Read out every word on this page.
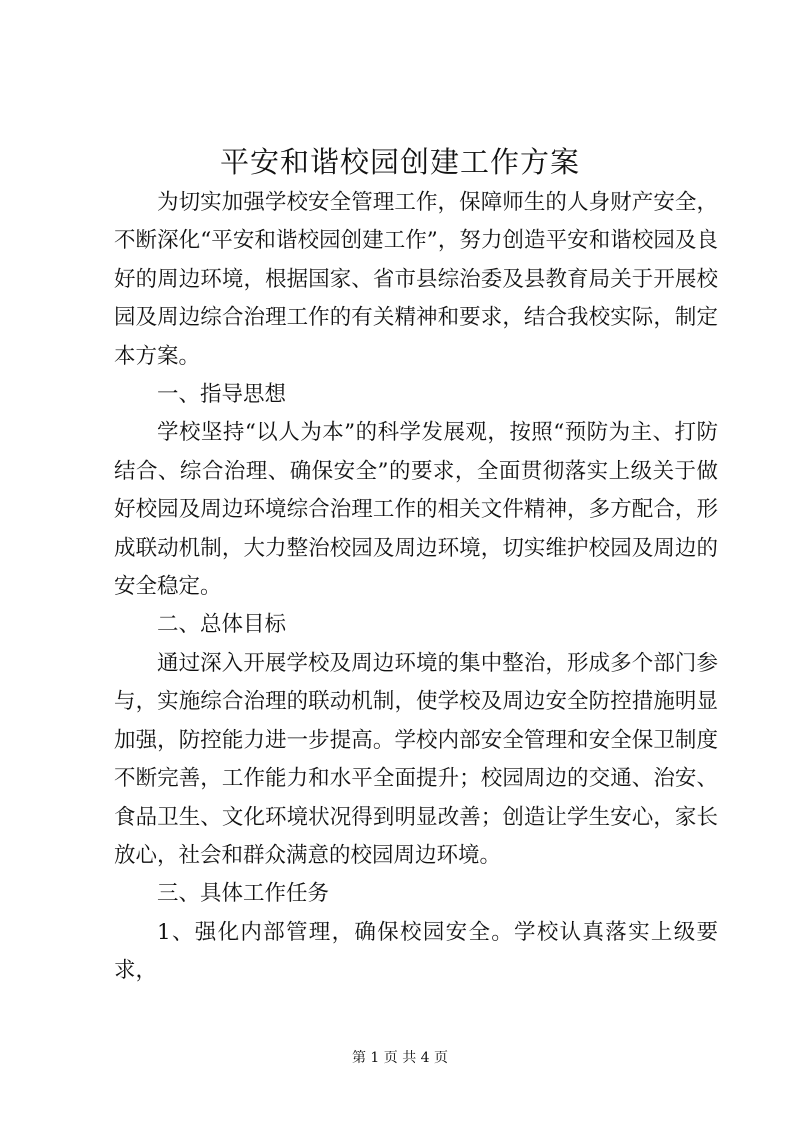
平安和谐校园创建工作方案

为切实加强学校安全管理工作，保障师生的人身财产安全，不断深化“平安和谐校园创建工作”，努力创造平安和谐校园及良好的周边环境，根据国家、省市县综治委及县教育局关于开展校园及周边综合治理工作的有关精神和要求，结合我校实际，制定本方案。

一、指导思想

学校坚持“以人为本”的科学发展观，按照“预防为主、打防结合、综合治理、确保安全”的要求，全面贯彻落实上级关于做好校园及周边环境综合治理工作的相关文件精神，多方配合，形成联动机制，大力整治校园及周边环境，切实维护校园及周边的安全稳定。

二、总体目标

通过深入开展学校及周边环境的集中整治，形成多个部门参与，实施综合治理的联动机制，使学校及周边安全防控措施明显加强，防控能力进一步提高。学校内部安全管理和安全保卫制度不断完善，工作能力和水平全面提升；校园周边的交通、治安、食品卫生、文化环境状况得到明显改善；创造让学生安心，家长放心，社会和群众满意的校园周边环境。

三、具体工作任务

1、强化内部管理，确保校园安全。学校认真落实上级要求，

第 1 页 共 4 页
